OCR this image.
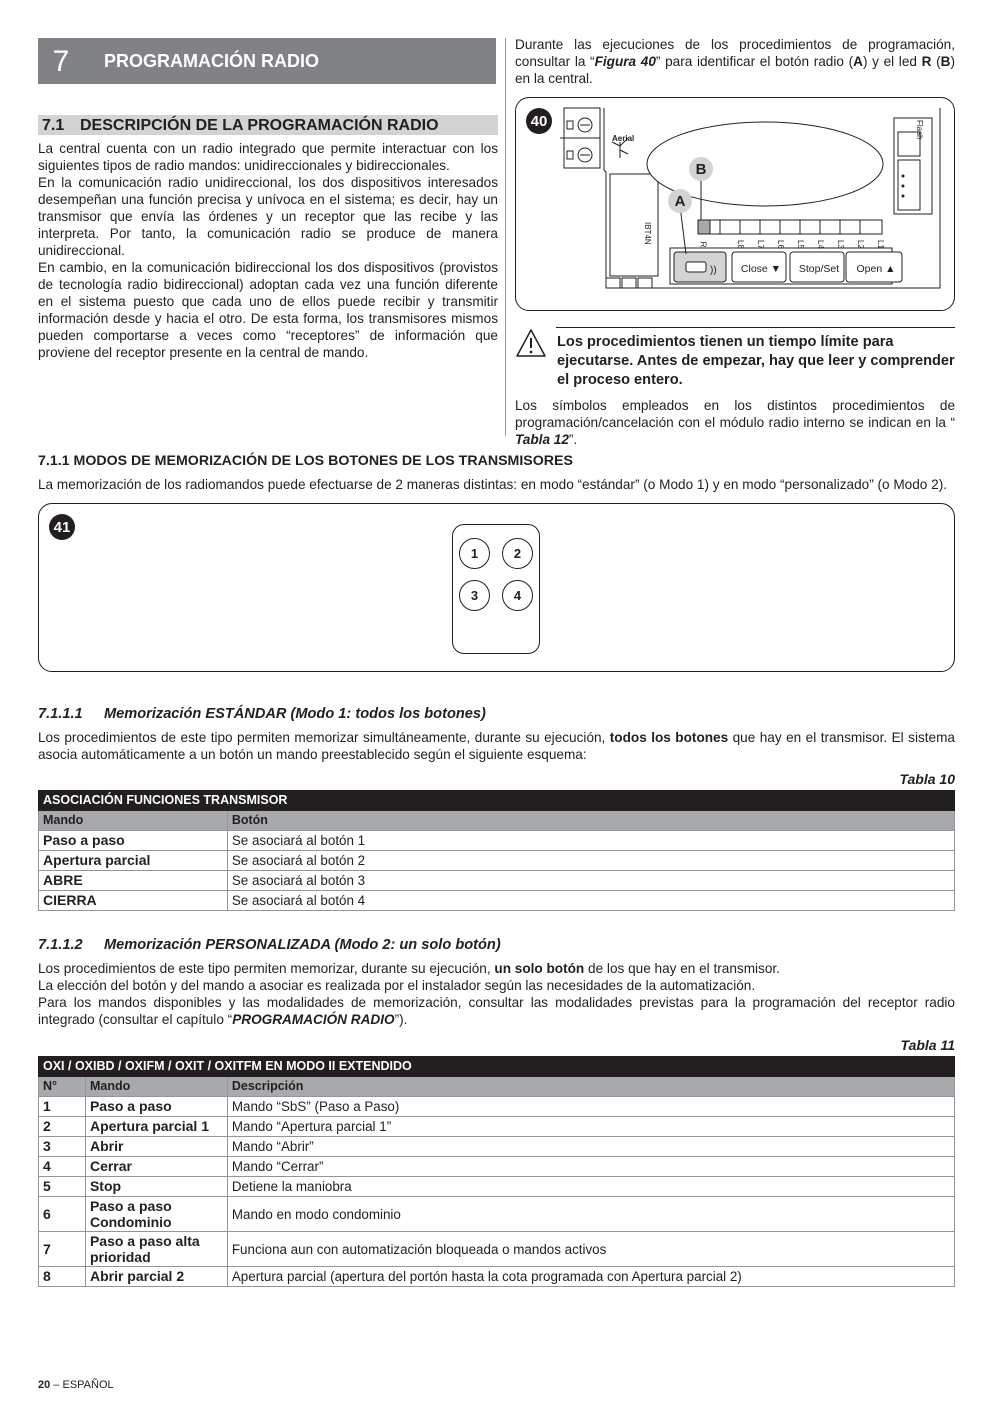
7	PROGRAMACIÓN RADIO
7.1 DESCRIPCIÓN DE LA PROGRAMACIÓN RADIO

La central cuenta con un radio integrado que permite interactuar con los siguientes tipos de radio mandos: unidireccionales y bidireccionales.

En la comunicación radio unidireccional, los dos dispositivos interesados desempeñan una función precisa y unívoca en el sistema; es decir, hay un transmisor que envía las órdenes y un receptor que las recibe y las interpreta. Por tanto, la comunicación radio se produce de manera unidireccional.

En cambio, en la comunicación bidireccional los dos dispositivos (provistos de tecnología radio bidireccional) adoptan cada vez una función diferente en el sistema puesto que cada uno de ellos puede recibir y transmitir información desde y hacia el otro. De esta forma, los transmisores mismos pueden comportarse a veces como “receptores” de información que proviene del receptor presente en la central de mando.

Durante las ejecuciones de los procedimientos de programación, consultar la “Figura 40” para identificar el botón radio (A) y el led R (B) en la central.
40
Aerial
IBT4N
B
A
R	L8	L7	L6	L5	L4	L3	L2	L1
))	Close ▼	Stop/Set	Open ▲
Flash
Los procedimientos tienen un tiempo límite para ejecutarse. Antes de empezar, hay que leer y comprender el proceso entero.
Los símbolos empleados en los distintos procedimientos de programación/cancelación con el módulo radio interno se indican en la “ Tabla 12”.
7.1.1 MODOS DE MEMORIZACIÓN DE LOS BOTONES DE LOS TRANSMISORES
La memorización de los radiomandos puede efectuarse de 2 maneras distintas: en modo “estándar” (o Modo 1) y en modo “personalizado” (o Modo 2).
41
1	2
3	4
7.1.1.1 Memorización ESTÁNDAR (Modo 1: todos los botones)
Los procedimientos de este tipo permiten memorizar simultáneamente, durante su ejecución, todos los botones que hay en el transmisor. El sistema asocia automáticamente a un botón un mando preestablecido según el siguiente esquema:
Tabla 10
ASOCIACIÓN FUNCIONES TRANSMISOR	
Mando	Botón
Paso a paso	Se asociará al botón 1
Apertura parcial	Se asociará al botón 2
ABRE	Se asociará al botón 3
CIERRA	Se asociará al botón 4
7.1.1.2 Memorización PERSONALIZADA (Modo 2: un solo botón)

Los procedimientos de este tipo permiten memorizar, durante su ejecución, un solo botón de los que hay en el transmisor.

La elección del botón y del mando a asociar es realizada por el instalador según las necesidades de la automatización.

Para los mandos disponibles y las modalidades de memorización, consultar las modalidades previstas para la programación del receptor radio integrado (consultar el capítulo “PROGRAMACIÓN RADIO”).

Tabla 11
OXI / OXIBD / OXIFM / OXIT / OXITFM EN MODO II EXTENDIDO		
N°	Mando	Descripción
1	Paso a paso	Mando “SbS” (Paso a Paso)
2	Apertura parcial 1	Mando “Apertura parcial 1”
3	Abrir	Mando “Abrir”
4	Cerrar	Mando “Cerrar”
5	Stop	Detiene la maniobra
6	Paso a paso Condominio	Mando en modo condominio
7	Paso a paso alta prioridad	Funciona aun con automatización bloqueada o mandos activos
8	Abrir parcial 2	Apertura parcial (apertura del portón hasta la cota programada con Apertura parcial 2)
20 – ESPAÑOL
